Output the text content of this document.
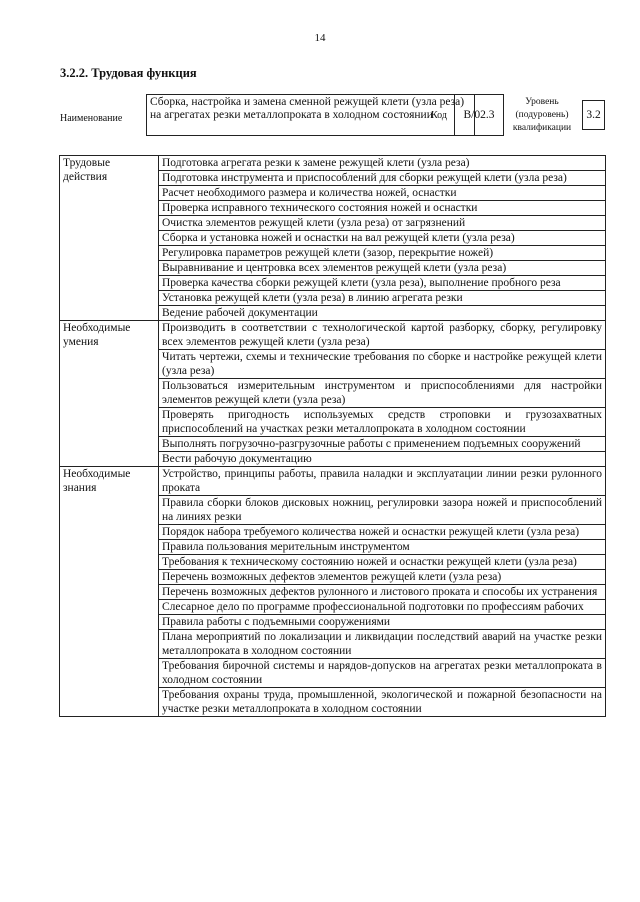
14
3.2.2. Трудовая функция
Наименование
Сборка, настройка и замена сменной режущей клети (узла реза) на агрегатах резки металлопроката в холодном состоянии
Код	B/02.3
Уровень (подуровень) квалификации
3.2
Трудовые действия	Подготовка агрегата резки к замене режущей клети (узла реза)
	Подготовка инструмента и приспособлений для сборки режущей клети (узла реза)
	Расчет необходимого размера и количества ножей, оснастки
	Проверка исправного технического состояния ножей и оснастки
	Очистка элементов режущей клети (узла реза) от загрязнений
	Сборка и установка ножей и оснастки на вал режущей клети (узла реза)
	Регулировка параметров режущей клети (зазор, перекрытие ножей)
	Выравнивание и центровка всех элементов режущей клети (узла реза)
	Проверка качества сборки режущей клети (узла реза), выполнение пробного реза
	Установка режущей клети (узла реза) в линию агрегата резки
	Ведение рабочей документации
Необходимые умения	Производить в соответствии с технологической картой разборку, сборку, регулировку всех элементов режущей клети (узла реза)
	Читать чертежи, схемы и технические требования по сборке и настройке режущей клети (узла реза)
	Пользоваться измерительным инструментом и приспособлениями для настройки элементов режущей клети (узла реза)
	Проверять пригодность используемых средств строповки и грузозахватных приспособлений на участках резки металлопроката в холодном состоянии
	Выполнять погрузочно-разгрузочные работы с применением подъемных сооружений
	Вести рабочую документацию
Необходимые знания	Устройство, принципы работы, правила наладки и эксплуатации линии резки рулонного проката
	Правила сборки блоков дисковых ножниц, регулировки зазора ножей и приспособлений на линиях резки
	Порядок набора требуемого количества ножей и оснастки режущей клети (узла реза)
	Правила пользования мерительным инструментом
	Требования к техническому состоянию ножей и оснастки режущей клети (узла реза)
	Перечень возможных дефектов элементов режущей клети (узла реза)
	Перечень возможных дефектов рулонного и листового проката и способы их устранения
	Слесарное дело по программе профессиональной подготовки по профессиям рабочих
	Правила работы с подъемными сооружениями
	Плана мероприятий по локализации и ликвидации последствий аварий на участке резки металлопроката в холодном состоянии
	Требования бирочной системы и нарядов-допусков на агрегатах резки металлопроката в холодном состоянии
	Требования охраны труда, промышленной, экологической и пожарной безопасности на участке резки металлопроката в холодном состоянии
